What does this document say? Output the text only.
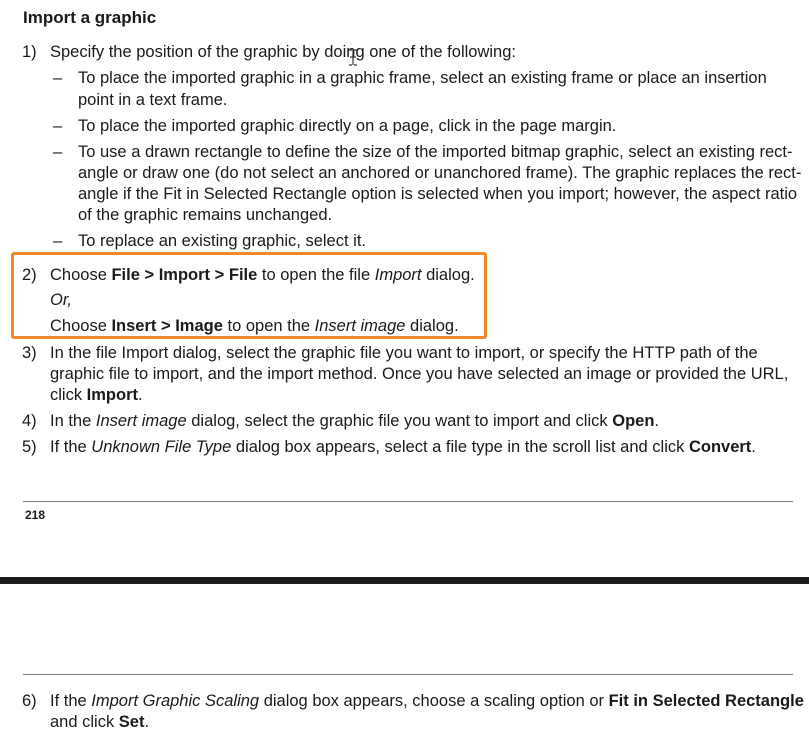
Import a graphic
1) Specify the position of the graphic by doing one of the following:
– To place the imported graphic in a graphic frame, select an existing frame or place an insertion
point in a text frame.
– To place the imported graphic directly on a page, click in the page margin.
– To use a drawn rectangle to define the size of the imported bitmap graphic, select an existing rect-
angle or draw one (do not select an anchored or unanchored frame). The graphic replaces the rect-
angle if the Fit in Selected Rectangle option is selected when you import; however, the aspect ratio
of the graphic remains unchanged.
– To replace an existing graphic, select it.
2) Choose File > Import > File to open the file Import dialog.
Or,
Choose Insert > Image to open the Insert image dialog.
3) In the file Import dialog, select the graphic file you want to import, or specify the HTTP path of the
graphic file to import, and the import method. Once you have selected an image or provided the URL,
click Import.
4) In the Insert image dialog, select the graphic file you want to import and click Open.
5) If the Unknown File Type dialog box appears, select a file type in the scroll list and click Convert.
218
6) If the Import Graphic Scaling dialog box appears, choose a scaling option or Fit in Selected Rectangle
and click Set.
